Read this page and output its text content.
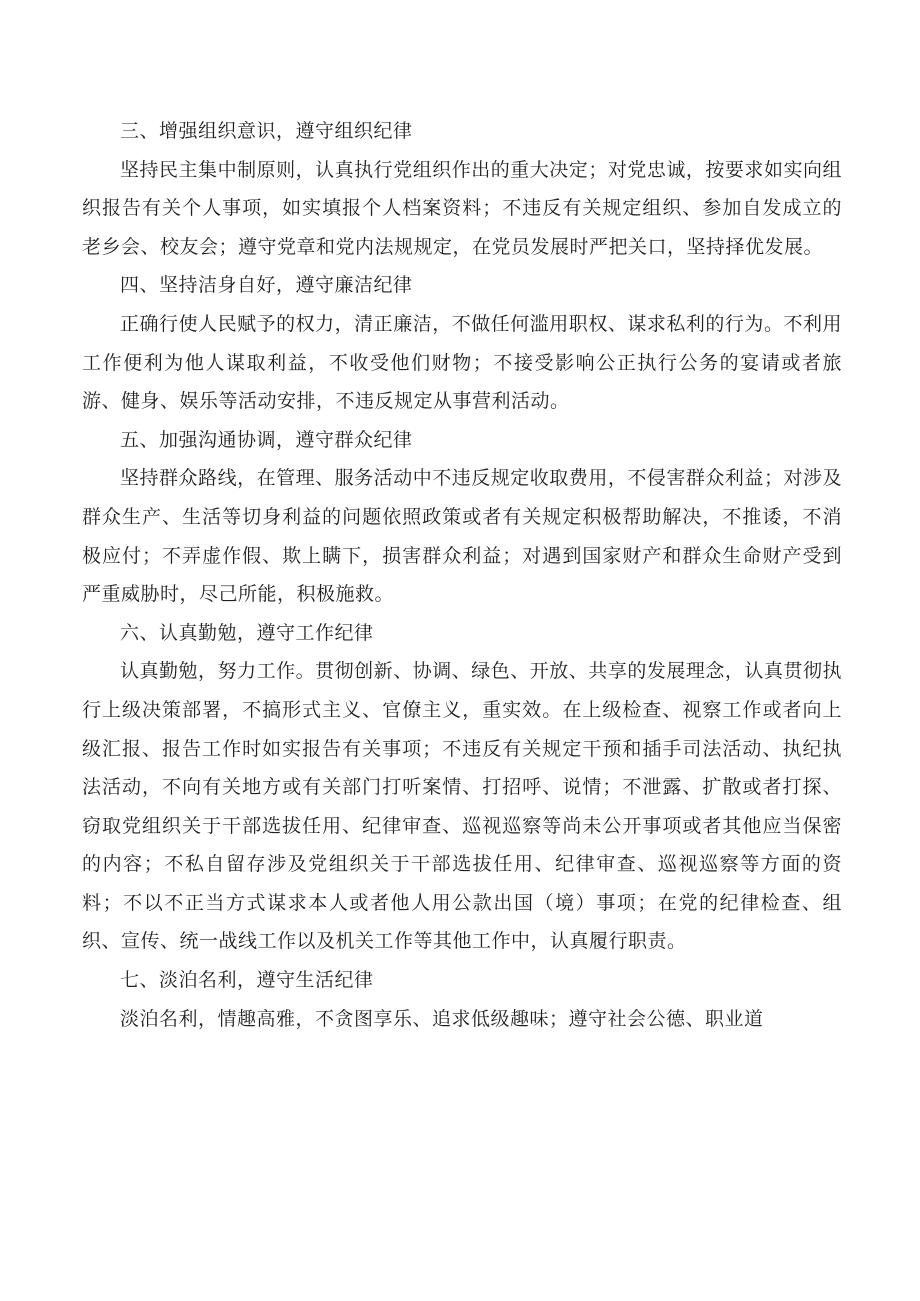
三、增强组织意识，遵守组织纪律

坚持民主集中制原则，认真执行党组织作出的重大决定；对党忠诚，按要求如实向组织报告有关个人事项，如实填报个人档案资料；不违反有关规定组织、参加自发成立的老乡会、校友会；遵守党章和党内法规规定，在党员发展时严把关口，坚持择优发展。

四、坚持洁身自好，遵守廉洁纪律

正确行使人民赋予的权力，清正廉洁，不做任何滥用职权、谋求私利的行为。不利用工作便利为他人谋取利益，不收受他们财物；不接受影响公正执行公务的宴请或者旅游、健身、娱乐等活动安排，不违反规定从事营利活动。

五、加强沟通协调，遵守群众纪律

坚持群众路线，在管理、服务活动中不违反规定收取费用，不侵害群众利益；对涉及群众生产、生活等切身利益的问题依照政策或者有关规定积极帮助解决，不推诿，不消极应付；不弄虚作假、欺上瞒下，损害群众利益；对遇到国家财产和群众生命财产受到严重威胁时，尽己所能，积极施救。

六、认真勤勉，遵守工作纪律

认真勤勉，努力工作。贯彻创新、协调、绿色、开放、共享的发展理念，认真贯彻执行上级决策部署，不搞形式主义、官僚主义，重实效。在上级检查、视察工作或者向上级汇报、报告工作时如实报告有关事项；不违反有关规定干预和插手司法活动、执纪执法活动，不向有关地方或有关部门打听案情、打招呼、说情；不泄露、扩散或者打探、窃取党组织关于干部选拔任用、纪律审查、巡视巡察等尚未公开事项或者其他应当保密的内容；不私自留存涉及党组织关于干部选拔任用、纪律审查、巡视巡察等方面的资料；不以不正当方式谋求本人或者他人用公款出国（境）事项；在党的纪律检查、组织、宣传、统一战线工作以及机关工作等其他工作中，认真履行职责。

七、淡泊名利，遵守生活纪律

淡泊名利，情趣高雅，不贪图享乐、追求低级趣味；遵守社会公德、职业道
